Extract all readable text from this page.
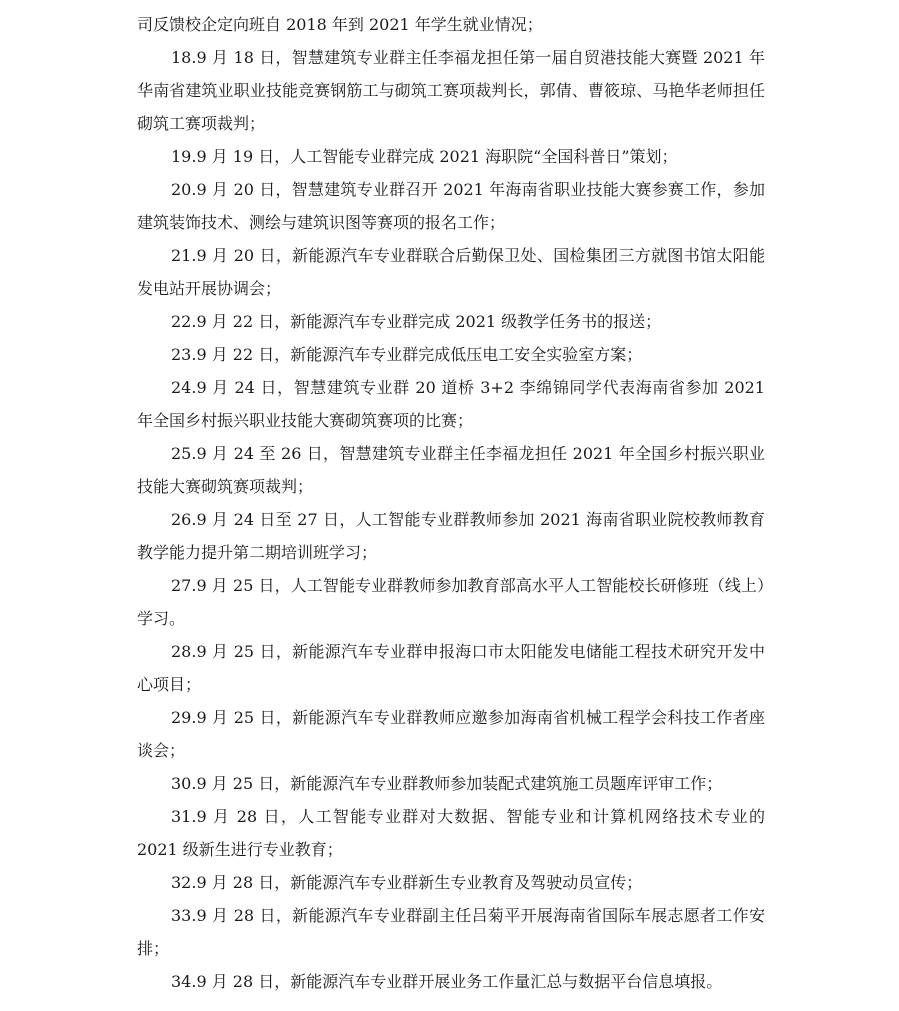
司反馈校企定向班自 2018 年到 2021 年学生就业情况；

18.9 月 18 日，智慧建筑专业群主任李福龙担任第一届自贸港技能大赛暨 2021 年华南省建筑业职业技能竞赛钢筋工与砌筑工赛项裁判长，郭倩、曹筱琼、马艳华老师担任砌筑工赛项裁判；

19.9 月 19 日，人工智能专业群完成 2021 海职院“全国科普日”策划；

20.9 月 20 日，智慧建筑专业群召开 2021 年海南省职业技能大赛参赛工作，参加建筑装饰技术、测绘与建筑识图等赛项的报名工作；

21.9 月 20 日，新能源汽车专业群联合后勤保卫处、国检集团三方就图书馆太阳能发电站开展协调会；

22.9 月 22 日，新能源汽车专业群完成 2021 级教学任务书的报送；

23.9 月 22 日，新能源汽车专业群完成低压电工安全实验室方案；

24.9 月 24 日，智慧建筑专业群 20 道桥 3+2 李绵锦同学代表海南省参加 2021 年全国乡村振兴职业技能大赛砌筑赛项的比赛；

25.9 月 24 至 26 日，智慧建筑专业群主任李福龙担任 2021 年全国乡村振兴职业技能大赛砌筑赛项裁判；

26.9 月 24 日至 27 日，人工智能专业群教师参加 2021 海南省职业院校教师教育教学能力提升第二期培训班学习；

27.9 月 25 日，人工智能专业群教师参加教育部高水平人工智能校长研修班（线上）学习。

28.9 月 25 日，新能源汽车专业群申报海口市太阳能发电储能工程技术研究开发中心项目；

29.9 月 25 日，新能源汽车专业群教师应邀参加海南省机械工程学会科技工作者座谈会；

30.9 月 25 日，新能源汽车专业群教师参加装配式建筑施工员题库评审工作；

31.9 月 28 日，人工智能专业群对大数据、智能专业和计算机网络技术专业的 2021 级新生进行专业教育；

32.9 月 28 日，新能源汽车专业群新生专业教育及驾驶动员宣传；

33.9 月 28 日，新能源汽车专业群副主任吕菊平开展海南省国际车展志愿者工作安排；

34.9 月 28 日，新能源汽车专业群开展业务工作量汇总与数据平台信息填报。
